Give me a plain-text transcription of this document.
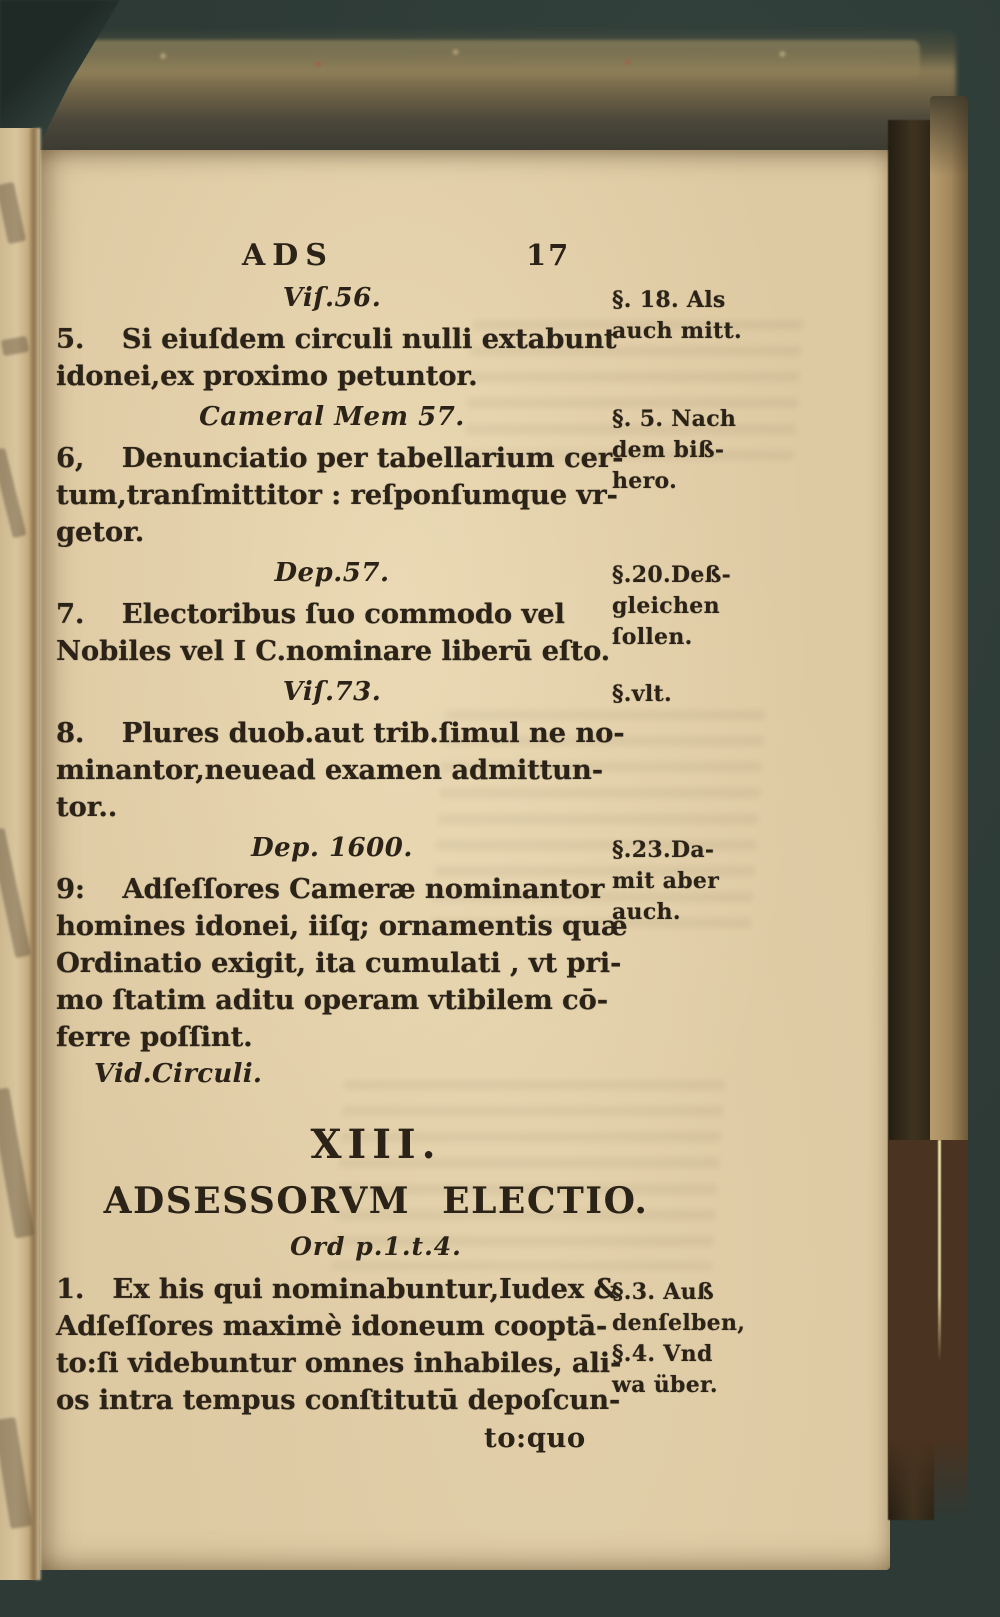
ADS	17
Viſ.56.
5.    Si eiuſdem circuli nulli extabunt
idonei,ex proximo petuntor.
§. 18. Als
auch mitt.
Cameral Mem 57.
6,    Denunciatio per tabellarium cer-
tum,tranſmittitor : reſponſumque vr-
getor.
§. 5. Nach
dem biß-
hero.
Dep.57.
7.    Electoribus ſuo commodo vel
Nobiles vel I C.nominare liberū eſto.
§.20.Deß-
gleichen
ſollen.
Viſ.73.
8.    Plures duob.aut trib.ſimul ne no-
minantor,neuead examen admittun-
tor..
§.vlt.
Dep. 1600.
9:    Adſeſſores Cameræ nominantor
homines idonei, iiſq; ornamentis quæ
Ordinatio exigit, ita cumulati , vt pri-
mo ſtatim aditu operam vtibilem cō-
ferre poſſint.
Vid.Circuli.
§.23.Da-
mit aber
auch.
XIII.
ADSESSORVM ELECTIO.
Ord p.1.t.4.
1.   Ex his qui nominabuntur,Iudex &
Adſeſſores maximè idoneum cooptā-
to:ſi videbuntur omnes inhabiles, ali-
os intra tempus conſtitutū depoſcun-
§.3. Auß
denſelben,
§.4. Vnd
wa über.
to:quo
